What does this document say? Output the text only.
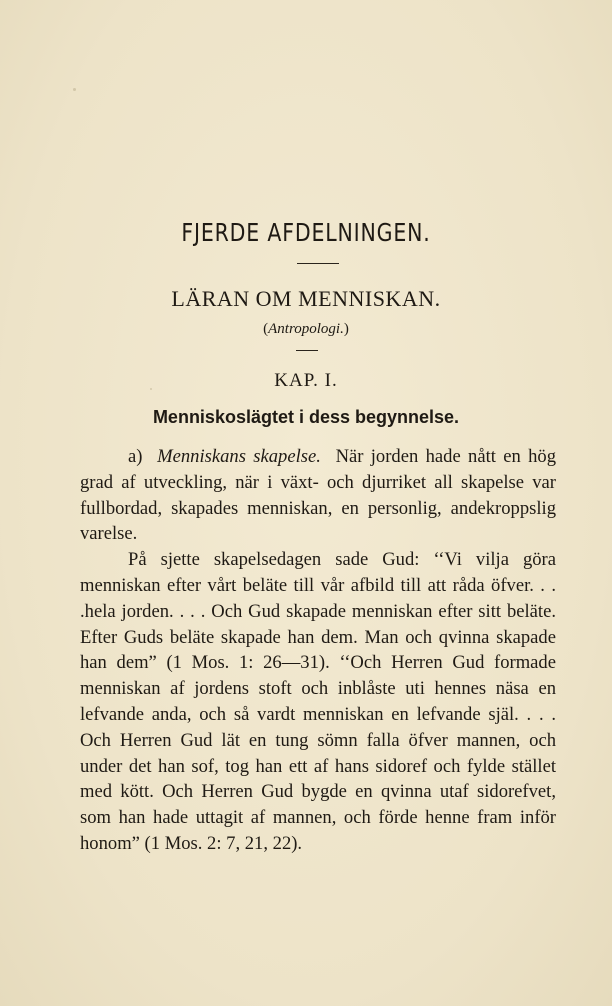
FJERDE AFDELNINGEN.
LÄRAN OM MENNISKAN.
(Antropologi.)
KAP. I.
Menniskoslägtet i dess begynnelse.

a) Menniskans skapelse. När jorden hade nått en hög grad af utveckling, när i växt- och djurriket all skapelse var fullbordad, skapades menniskan, en personlig, andekroppslig varelse.

På sjette skapelsedagen sade Gud: ‘‘Vi vilja göra menniskan efter vårt beläte till vår afbild till att råda öfver. . . .hela jorden. . . . Och Gud skapade menniskan efter sitt beläte. Efter Guds beläte skapade han dem. Man och qvinna skapade han dem” (1 Mos. 1: 26—31). ‘‘Och Herren Gud formade menniskan af jordens stoft och inblåste uti hennes näsa en lefvande anda, och så vardt menniskan en lefvande själ. . . . Och Herren Gud lät en tung sömn falla öfver mannen, och under det han sof, tog han ett af hans sidoref och fylde stället med kött. Och Herren Gud bygde en qvinna utaf sidorefvet, som han hade uttagit af mannen, och förde henne fram inför honom” (1 Mos. 2: 7, 21, 22).
